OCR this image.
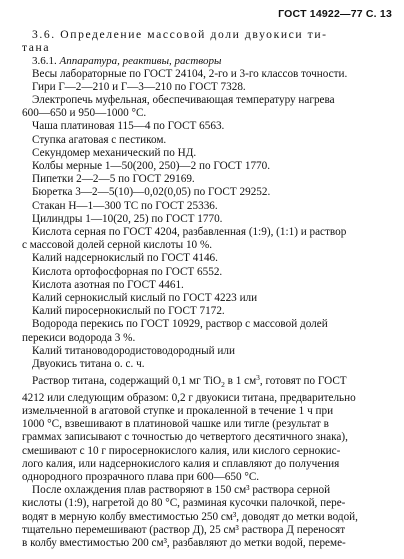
ГОСТ 14922—77 С. 13
3.6. Определение массовой доли двуокиси ти-
тана
3.6.1. Аппаратура, реактивы, растворы
Весы лабораторные по ГОСТ 24104, 2-го и 3-го классов точности.
Гири Г—2—210 и Г—3—210 по ГОСТ 7328.
Электропечь муфельная, обеспечивающая температуру нагрева
600—650 и 950—1000 °С.
Чаша платиновая 115—4 по ГОСТ 6563.
Ступка агатовая с пестиком.
Секундомер механический по НД.
Колбы мерные 1—50(200, 250)—2 по ГОСТ 1770.
Пипетки 2—2—5 по ГОСТ 29169.
Бюретка 3—2—5(10)—0,02(0,05) по ГОСТ 29252.
Стакан Н—1—300 ТС по ГОСТ 25336.
Цилиндры 1—10(20, 25) по ГОСТ 1770.
Кислота серная по ГОСТ 4204, разбавленная (1:9), (1:1) и раствор
с массовой долей серной кислоты 10 %.
Калий надсернокислый по ГОСТ 4146.
Кислота ортофосфорная по ГОСТ 6552.
Кислота азотная по ГОСТ 4461.
Калий сернокислый кислый по ГОСТ 4223 или
Калий пиросернокислый по ГОСТ 7172.
Водорода перекись по ГОСТ 10929, раствор с массовой долей
перекиси водорода 3 %.
Калий титановодородистоводородный или
Двуокись титана о. с. ч.
Раствор титана, содержащий 0,1 мг TiO$_2$ в 1 $см^3$, готовят по ГОСТ
4212 или следующим образом: 0,2 г двуокиси титана, предварительно
измельченной в агатовой ступке и прокаленной в течение 1 ч при
1000 °С, взвешивают в платиновой чашке или тигле (результат в
граммах записывают с точностью до четвертого десятичного знака),
смешивают с 10 г пиросернокислого калия, или кислого сернокис-
лого калия, или надсернокислого калия и сплавляют до получения
однородного прозрачного плава при 600—650 °С.
После охлаждения плав растворяют в 150 см³ раствора серной
кислоты (1:9), нагретой до 80 °С, разминая кусочки палочкой, пере-
водят в мерную колбу вместимостью 250 см³, доводят до метки водой,
тщательно перемешивают (раствор Д), 25 см³ раствора Д переносят
в колбу вместимостью 200 см³, разбавляют до метки водой, переме-
